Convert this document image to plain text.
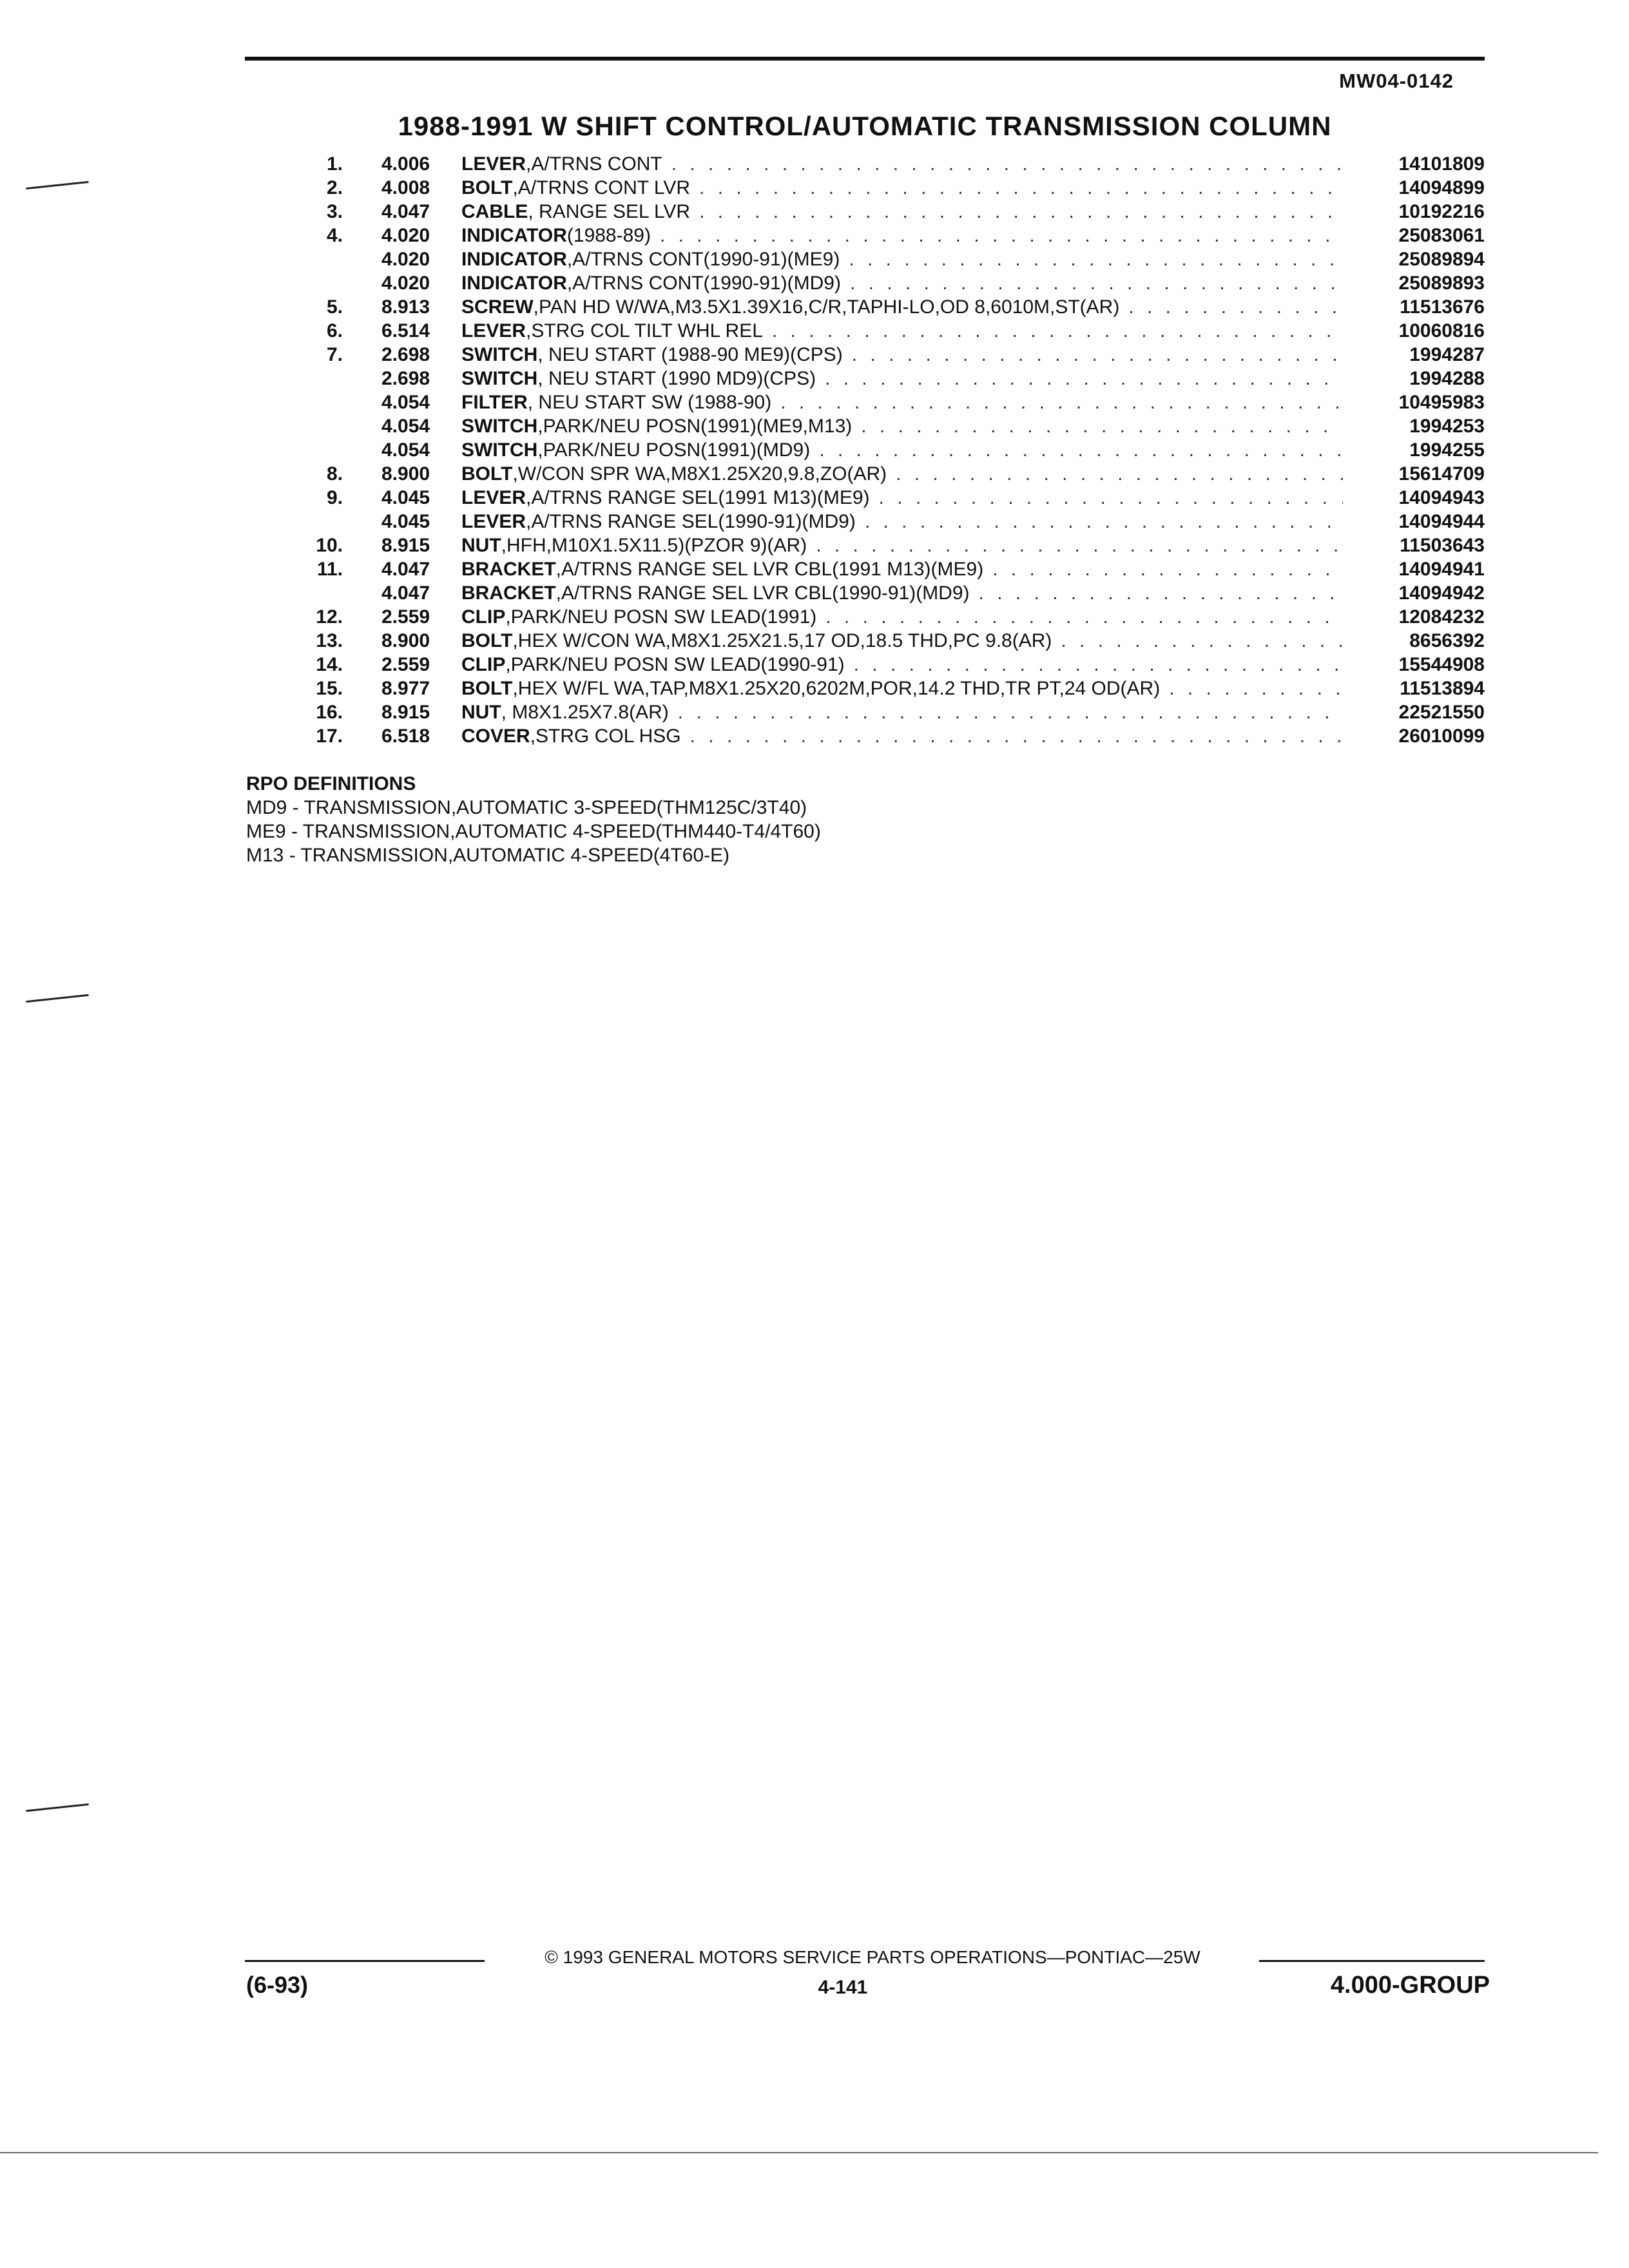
MW04-0142
1988-1991 W SHIFT CONTROL/AUTOMATIC TRANSMISSION COLUMN
1. 4.006 LEVER ,A/TRNS CONT . . .	14101809
2. 4.008 BOLT ,A/TRNS CONT LVR . . .	14094899
3. 4.047 CABLE , RANGE SEL LVR . . .	10192216
4. 4.020 INDICATOR (1988-89) . . .	25083061
4.020 INDICATOR ,A/TRNS CONT(1990-91)(ME9) . . .	25089894
4.020 INDICATOR ,A/TRNS CONT(1990-91)(MD9) . . .	25089893
5. 8.913 SCREW ,PAN HD W/WA,M3.5X1.39X16,C/R,TAPHI-LO,OD 8,6010M,ST(AR) . . .	11513676
6. 6.514 LEVER ,STRG COL TILT WHL REL . . .	10060816
7. 2.698 SWITCH , NEU START (1988-90 ME9)(CPS) . . .	1994287
2.698 SWITCH , NEU START (1990 MD9)(CPS) . . .	1994288
4.054 FILTER , NEU START SW (1988-90) . . .	10495983
4.054 SWITCH ,PARK/NEU POSN(1991)(ME9,M13) . . .	1994253
4.054 SWITCH ,PARK/NEU POSN(1991)(MD9) . . .	1994255
8. 8.900 BOLT ,W/CON SPR WA,M8X1.25X20,9.8,ZO(AR) . . .	15614709
9. 4.045 LEVER ,A/TRNS RANGE SEL(1991 M13)(ME9) . . .	14094943
4.045 LEVER ,A/TRNS RANGE SEL(1990-91)(MD9) . . .	14094944
10. 8.915 NUT ,HFH,M10X1.5X11.5)(PZOR 9)(AR) . . .	11503643
11. 4.047 BRACKET ,A/TRNS RANGE SEL LVR CBL(1991 M13)(ME9) . . .	14094941
4.047 BRACKET ,A/TRNS RANGE SEL LVR CBL(1990-91)(MD9) . . .	14094942
12. 2.559 CLIP ,PARK/NEU POSN SW LEAD(1991) . . .	12084232
13. 8.900 BOLT ,HEX W/CON WA,M8X1.25X21.5,17 OD,18.5 THD,PC 9.8(AR) . . .	8656392
14. 2.559 CLIP ,PARK/NEU POSN SW LEAD(1990-91) . . .	15544908
15. 8.977 BOLT ,HEX W/FL WA,TAP,M8X1.25X20,6202M,POR,14.2 THD,TR PT,24 OD(AR) . . .	11513894
16. 8.915 NUT , M8X1.25X7.8(AR) . . .	22521550
17. 6.518 COVER ,STRG COL HSG . . .	26010099
RPO DEFINITIONS
MD9 - TRANSMISSION,AUTOMATIC 3-SPEED(THM125C/3T40)
ME9 - TRANSMISSION,AUTOMATIC 4-SPEED(THM440-T4/4T60)
M13 - TRANSMISSION,AUTOMATIC 4-SPEED(4T60-E)
© 1993 GENERAL MOTORS SERVICE PARTS OPERATIONS—PONTIAC—25W
(6-93)	4-141	4.000-GROUP
